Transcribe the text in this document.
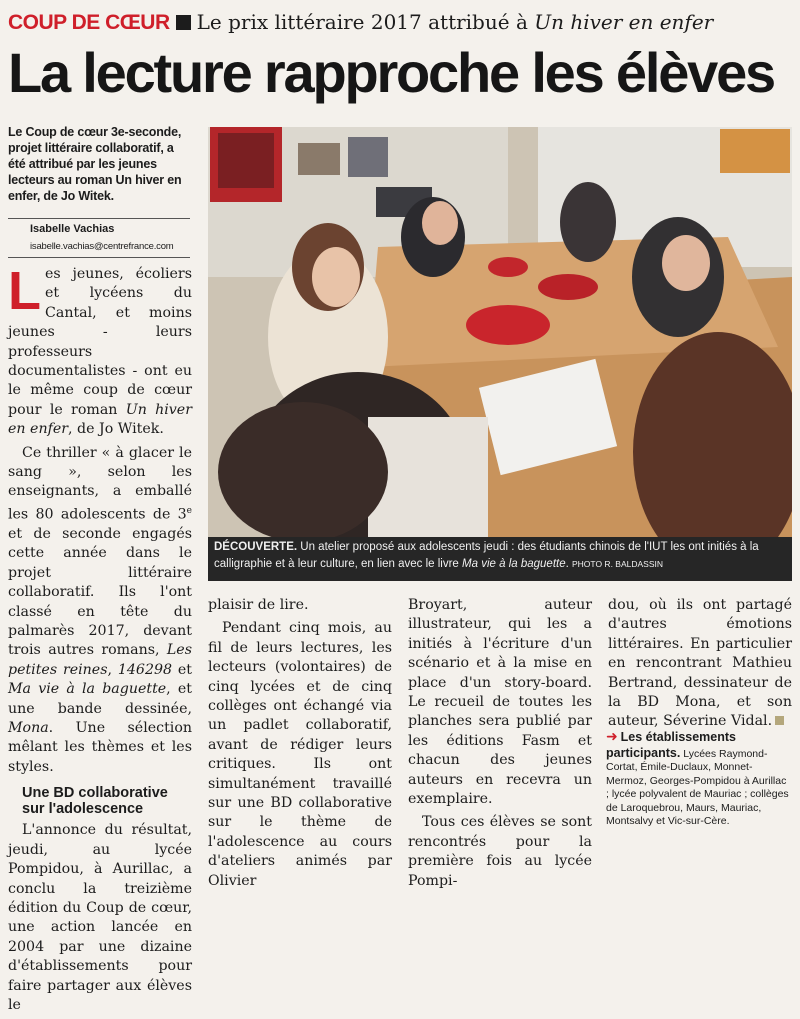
COUP DE CŒUR Le prix littéraire 2017 attribué à Un hiver en enfer
La lecture rapproche les élèves
Le Coup de cœur 3e-seconde, projet littéraire collaboratif, a été attribué par les jeunes lecteurs au roman Un hiver en enfer, de Jo Witek.
Isabelle Vachias
isabelle.vachias@centrefrance.com

Les jeunes, écoliers et lycéens du Cantal, et moins jeunes - leurs professeurs documentalistes - ont eu le même coup de cœur pour le roman Un hiver en enfer, de Jo Witek.

Ce thriller « à glacer le sang », selon les enseignants, a emballé les 80 adolescents de 3e et de seconde engagés cette année dans le projet littéraire collaboratif. Ils l'ont classé en tête du palmarès 2017, devant trois autres romans, Les petites reines, 146298 et Ma vie à la baguette, et une bande dessinée, Mona. Une sélection mêlant les thèmes et les styles.

Une BD collaborative sur l'adolescence

L'annonce du résultat, jeudi, au lycée Pompidou, à Aurillac, a conclu la treizième édition du Coup de cœur, une action lancée en 2004 par une dizaine d'établissements pour faire partager aux élèves le

DÉCOUVERTE. Un atelier proposé aux adolescents jeudi : des étudiants chinois de l'IUT les ont initiés à la calligraphie et à leur culture, en lien avec le livre Ma vie à la baguette. PHOTO R. BALDASSIN

plaisir de lire.

Pendant cinq mois, au fil de leurs lectures, les lecteurs (volontaires) de cinq lycées et de cinq collèges ont échangé via un padlet collaboratif, avant de rédiger leurs critiques. Ils ont simultanément travaillé sur une BD collaborative sur le thème de l'adolescence au cours d'ateliers animés par Olivier

Broyart, auteur illustrateur, qui les a initiés à l'écriture d'un scénario et à la mise en place d'un story-board. Le recueil de toutes les planches sera publié par les éditions Fasm et chacun des jeunes auteurs en recevra un exemplaire.

Tous ces élèves se sont rencontrés pour la première fois au lycée Pompi-

dou, où ils ont partagé d'autres émotions littéraires. En particulier en rencontrant Mathieu Bertrand, dessinateur de la BD Mona, et son auteur, Séverine Vidal.

➜ Les établissements participants. Lycées Raymond-Cortat, Émile-Duclaux, Monnet-Mermoz, Georges-Pompidou à Aurillac ; lycée polyvalent de Mauriac ; collèges de Laroquebrou, Maurs, Mauriac, Montsalvy et Vic-sur-Cère.
